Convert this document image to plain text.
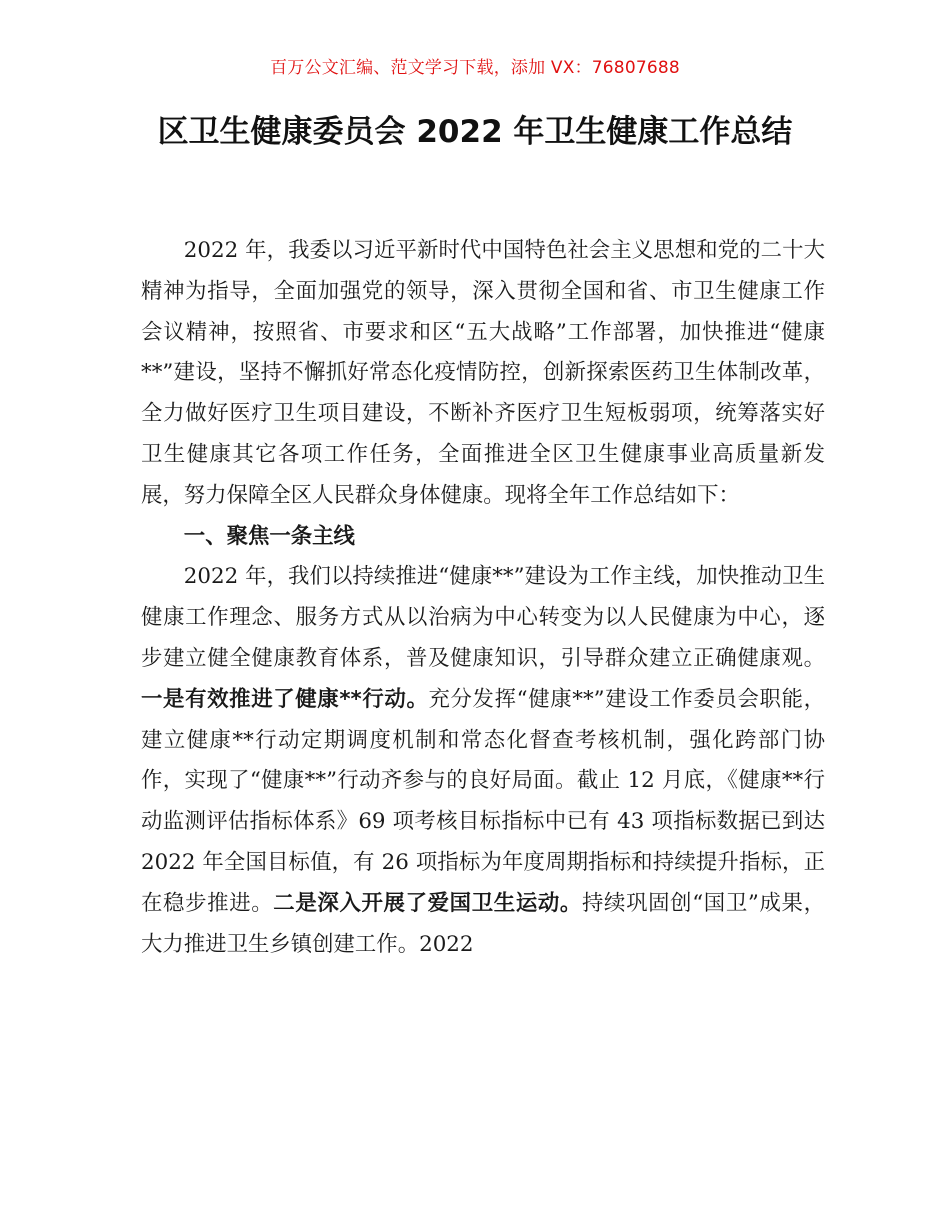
百万公文汇编、范文学习下载，添加 VX：76807688
区卫生健康委员会 2022 年卫生健康工作总结

2022 年，我委以习近平新时代中国特色社会主义思想和党的二十大精神为指导，全面加强党的领导，深入贯彻全国和省、市卫生健康工作会议精神，按照省、市要求和区“五大战略”工作部署，加快推进“健康**”建设，坚持不懈抓好常态化疫情防控，创新探索医药卫生体制改革，全力做好医疗卫生项目建设，不断补齐医疗卫生短板弱项，统筹落实好卫生健康其它各项工作任务，全面推进全区卫生健康事业高质量新发展，努力保障全区人民群众身体健康。现将全年工作总结如下：

一、聚焦一条主线

2022 年，我们以持续推进“健康**”建设为工作主线，加快推动卫生健康工作理念、服务方式从以治病为中心转变为以人民健康为中心，逐步建立健全健康教育体系，普及健康知识，引导群众建立正确健康观。一是有效推进了健康**行动。充分发挥“健康**”建设工作委员会职能，建立健康**行动定期调度机制和常态化督查考核机制，强化跨部门协作，实现了“健康**”行动齐参与的良好局面。截止 12 月底，《健康**行动监测评估指标体系》69 项考核目标指标中已有 43 项指标数据已到达 2022 年全国目标值，有 26 项指标为年度周期指标和持续提升指标，正在稳步推进。二是深入开展了爱国卫生运动。持续巩固创“国卫”成果，大力推进卫生乡镇创建工作。2022
